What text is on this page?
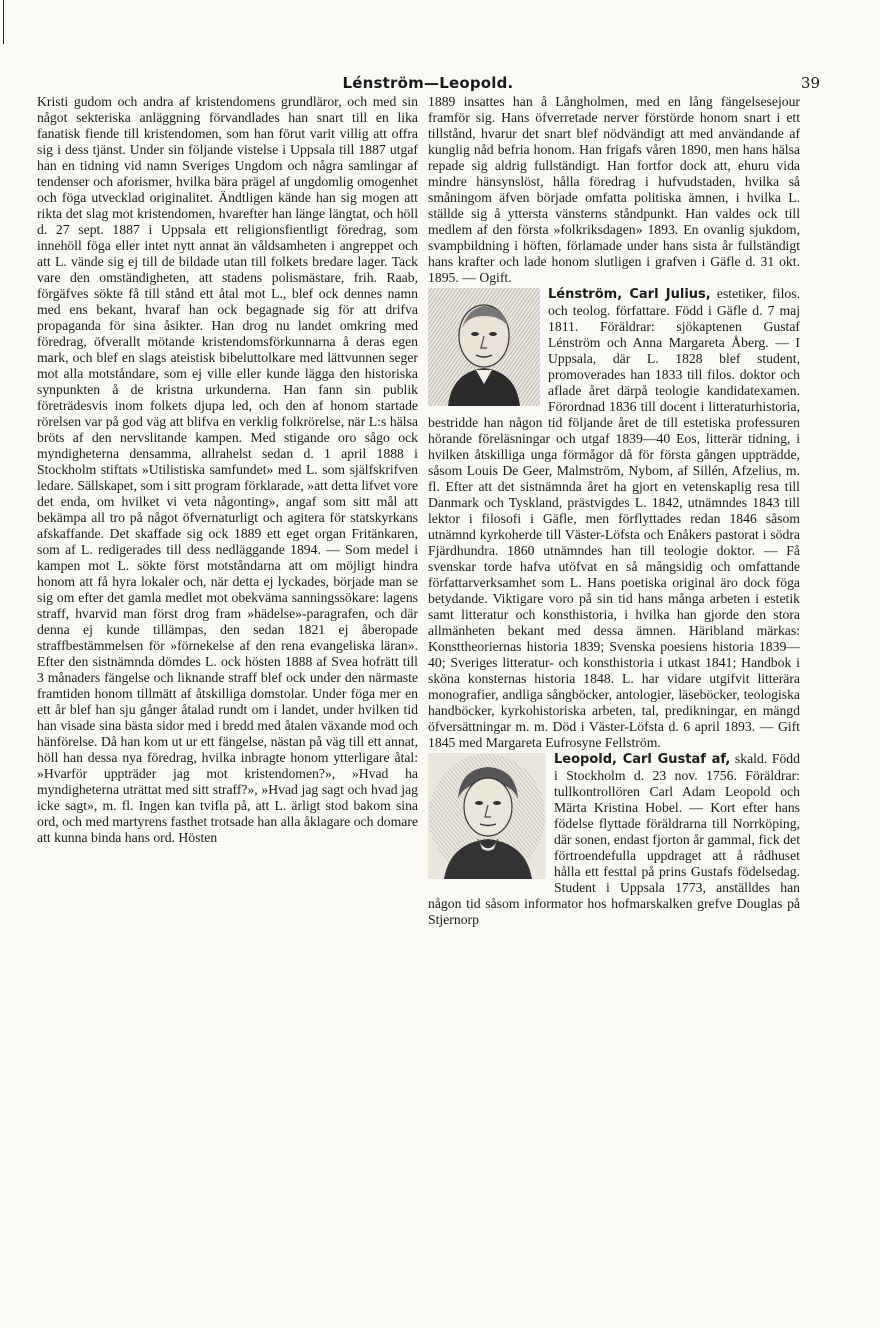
Lénström—Leopold.	39

Kristi gudom och andra af kristendomens grundläror, och med sin något sekteriska anläggning förvandlades han snart till en lika fanatisk fiende till kristendomen, som han förut varit villig att offra sig i dess tjänst. Under sin följande vistelse i Uppsala till 1887 utgaf han en tidning vid namn Sveriges Ungdom och några samlingar af tendenser och aforismer, hvilka bära prägel af ungdomlig omogenhet och föga utvecklad originalitet. Ändtligen kände han sig mogen att rikta det slag mot kristendomen, hvarefter han länge längtat, och höll d. 27 sept. 1887 i Uppsala ett religionsfientligt föredrag, som innehöll föga eller intet nytt annat än våldsamheten i angreppet och att L. vände sig ej till de bildade utan till folkets bredare lager. Tack vare den omständigheten, att stadens polismästare, frih. Raab, förgäfves sökte få till stånd ett åtal mot L., blef ock dennes namn med ens bekant, hvaraf han ock begagnade sig för att drifva propaganda för sina åsikter. Han drog nu landet omkring med föredrag, öfverallt mötande kristendomsförkunnarna å deras egen mark, och blef en slags ateistisk bibeluttolkare med lättvunnen seger mot alla motståndare, som ej ville eller kunde lägga den historiska synpunkten å de kristna urkunderna. Han fann sin publik företrädesvis inom folkets djupa led, och den af honom startade rörelsen var på god väg att blifva en verklig folkrörelse, när L:s hälsa bröts af den nervslitande kampen. Med stigande oro sågo ock myndigheterna densamma, allrahelst sedan d. 1 april 1888 i Stockholm stiftats »Utilistiska samfundet» med L. som själfskrifven ledare. Sällskapet, som i sitt program förklarade, »att detta lifvet vore det enda, om hvilket vi veta någonting», angaf som sitt mål att bekämpa all tro på något öfvernaturligt och agitera för statskyrkans afskaffande. Det skaffade sig ock 1889 ett eget organ Fritänkaren, som af L. redigerades till dess nedläggande 1894. — Som medel i kampen mot L. sökte först motståndarna att om möjligt hindra honom att få hyra lokaler och, när detta ej lyckades, började man se sig om efter det gamla medlet mot obekväma sanningssökare: lagens straff, hvarvid man först drog fram »hädelse»-paragrafen, och där denna ej kunde tillämpas, den sedan 1821 ej åberopade straffbestämmelsen för »förnekelse af den rena evangeliska läran». Efter den sistnämnda dömdes L. ock hösten 1888 af Svea hofrätt till 3 månaders fängelse och liknande straff blef ock under den närmaste framtiden honom tillmätt af åtskilliga domstolar. Under föga mer en ett år blef han sju gånger åtalad rundt om i landet, under hvilken tid han visade sina bästa sidor med i bredd med åtalen växande mod och hänförelse. Då han kom ut ur ett fängelse, nästan på väg till ett annat, höll han dessa nya föredrag, hvilka inbragte honom ytterligare åtal: »Hvarför uppträder jag mot kristendomen?», »Hvad ha myndigheterna uträttat med sitt straff?», »Hvad jag sagt och hvad jag icke sagt», m. fl. Ingen kan tvifla på, att L. ärligt stod bakom sina ord, och med martyrens fasthet trotsade han alla åklagare och domare att kunna binda hans ord. Hösten

1889 insattes han å Långholmen, med en lång fängelsesejour framför sig. Hans öfverretade nerver förstörde honom snart i ett tillstånd, hvarur det snart blef nödvändigt att med användande af kunglig nåd befria honom. Han frigafs våren 1890, men hans hälsa repade sig aldrig fullständigt. Han fortfor dock att, ehuru vida mindre hänsynslöst, hålla föredrag i hufvudstaden, hvilka så småningom äfven började omfatta politiska ämnen, i hvilka L. ställde sig å yttersta vänsterns ståndpunkt. Han valdes ock till medlem af den första »folkriksdagen» 1893. En ovanlig sjukdom, svampbildning i höften, förlamade under hans sista år fullständigt hans krafter och lade honom slutligen i grafven i Gäfle d. 31 okt. 1895. — Ogift.

Lénström, Carl Julius,
estetiker, filos. och teolog. författare. Född i Gäfle d. 7 maj 1811. Föräldrar: sjökaptenen Gustaf Lénström och Anna Margareta Åberg. — I Uppsala, där L. 1828 blef student, promoverades han 1833 till filos. doktor och aflade året därpå teologie kandidatexamen. Förordnad 1836 till docent i litteraturhistoria, bestridde han någon tid följande året de till estetiska professuren hörande föreläsningar och utgaf 1839—40 Eos, litterär tidning, i hvilken åtskilliga unga förmågor då för första gången uppträdde, såsom Louis De Geer, Malmström, Nybom, af Sillén, Afzelius, m. fl. Efter att det sistnämnda året ha gjort en vetenskaplig resa till Danmark och Tyskland, prästvigdes L. 1842, utnämndes 1843 till lektor i filosofi i Gäfle, men förflyttades redan 1846 såsom utnämnd kyrkoherde till Väster-Löfsta och Enåkers pastorat i södra Fjärdhundra. 1860 utnämndes han till teologie doktor. — Få svenskar torde hafva utöfvat en så mångsidig och omfattande författarverksamhet som L. Hans poetiska original äro dock föga betydande. Viktigare voro på sin tid hans många arbeten i estetik samt litteratur och konsthistoria, i hvilka han gjorde den stora allmänheten bekant med dessa ämnen. Häribland märkas: Konsttheoriernas historia 1839; Svenska poesiens historia 1839—40; Sveriges litteratur- och konsthistoria i utkast 1841; Handbok i sköna konsternas historia 1848. L. har vidare utgifvit litterära monografier, andliga sångböcker, antologier, läseböcker, teologiska handböcker, kyrkohistoriska arbeten, tal, predikningar, en mängd öfversättningar m. m. Död i Väster-Löfsta d. 6 april 1893. — Gift 1845 med Margareta Eufrosyne Fellström.
Leopold, Carl Gustaf af,
skald. Född i Stockholm d. 23 nov. 1756. Föräldrar: tullkontrollören Carl Adam Leopold och Märta Kristina Hobel. — Kort efter hans födelse flyttade föräldrarna till Norrköping, där sonen, endast fjorton år gammal, fick det förtroendefulla uppdraget att å rådhuset hålla ett festtal på prins Gustafs födelsedag. Student i Uppsala 1773, anställdes han någon tid såsom informator hos hofmarskalken grefve Douglas på Stjernorp
